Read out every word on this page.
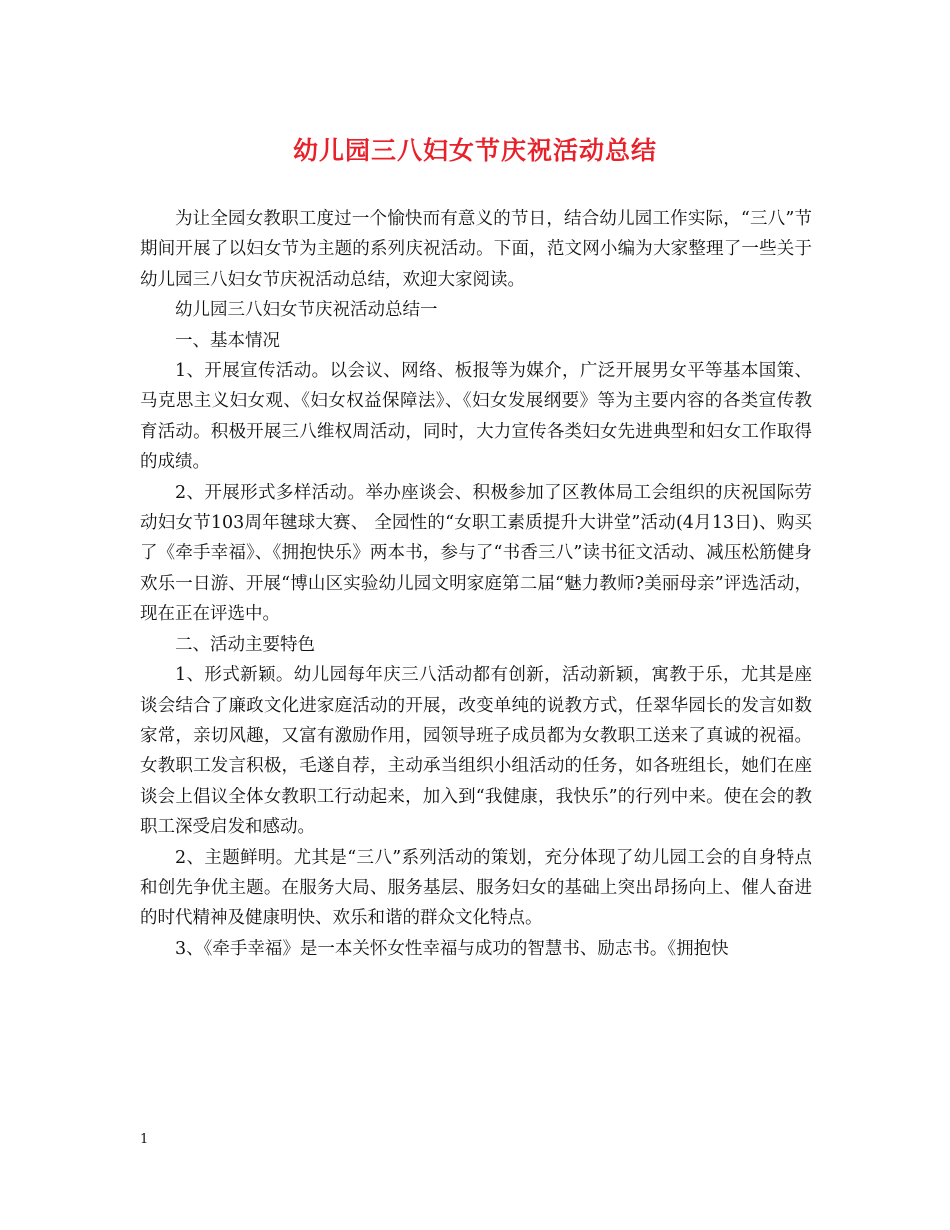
幼儿园三八妇女节庆祝活动总结

为让全园女教职工度过一个愉快而有意义的节日，结合幼儿园工作实际，“三八”节期间开展了以妇女节为主题的系列庆祝活动。下面，范文网小编为大家整理了一些关于幼儿园三八妇女节庆祝活动总结，欢迎大家阅读。

幼儿园三八妇女节庆祝活动总结一

一、基本情况

1、开展宣传活动。以会议、网络、板报等为媒介，广泛开展男女平等基本国策、马克思主义妇女观、《妇女权益保障法》、《妇女发展纲要》等为主要内容的各类宣传教育活动。积极开展三八维权周活动，同时，大力宣传各类妇女先进典型和妇女工作取得的成绩。

2、开展形式多样活动。举办座谈会、积极参加了区教体局工会组织的庆祝国际劳动妇女节103周年毽球大赛、 全园性的“女职工素质提升大讲堂”活动(4月13日)、购买了《牵手幸福》、《拥抱快乐》两本书，参与了“书香三八”读书征文活动、减压松筋健身欢乐一日游、开展“博山区实验幼儿园文明家庭第二届“魅力教师?美丽母亲”评选活动，现在正在评选中。

二、活动主要特色

1、形式新颖。幼儿园每年庆三八活动都有创新，活动新颖，寓教于乐，尤其是座谈会结合了廉政文化进家庭活动的开展，改变单纯的说教方式，任翠华园长的发言如数家常，亲切风趣，又富有激励作用，园领导班子成员都为女教职工送来了真诚的祝福。女教职工发言积极，毛遂自荐，主动承当组织小组活动的任务，如各班组长，她们在座谈会上倡议全体女教职工行动起来，加入到“我健康，我快乐”的行列中来。使在会的教职工深受启发和感动。

2、主题鲜明。尤其是“三八”系列活动的策划，充分体现了幼儿园工会的自身特点和创先争优主题。在服务大局、服务基层、服务妇女的基础上突出昂扬向上、催人奋进的时代精神及健康明快、欢乐和谐的群众文化特点。

3、《牵手幸福》是一本关怀女性幸福与成功的智慧书、励志书。《拥抱快

1
